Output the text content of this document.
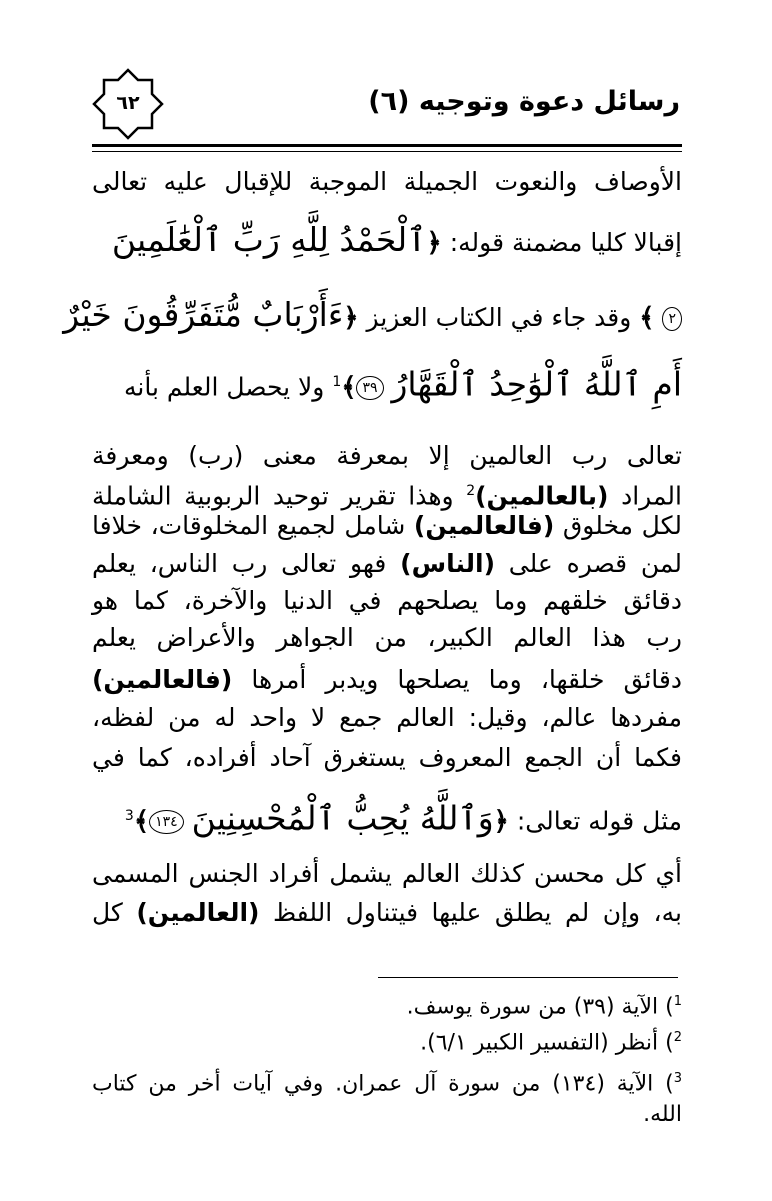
رسائل دعوة وتوجيه (٦)
٦٢
الأوصاف والنعوت الجميلة الموجبة للإقبال عليه تعالى
إقبالا كليا مضمنة قوله: ﴿ٱلْحَمْدُ لِلَّهِ رَبِّ ٱلْعَٰلَمِينَ
٢ ﴾ وقد جاء في الكتاب العزيز ﴿ءَأَرْبَابٌ مُّتَفَرِّقُونَ خَيْرٌ
أَمِ ٱللَّهُ ٱلْوَٰحِدُ ٱلْقَهَّارُ ٣٩﴾$^1$ ولا يحصل العلم بأنه
تعالى رب العالمين إلا بمعرفة معنى (رب) ومعرفة
المراد (بالعالمين)$^2$ وهذا تقرير توحيد الربوبية الشاملة
لكل مخلوق (فالعالمين) شامل لجميع المخلوقات، خلافا
لمن قصره على (الناس) فهو تعالى رب الناس، يعلم
دقائق خلقهم وما يصلحهم في الدنيا والآخرة، كما هو
رب هذا العالم الكبير، من الجواهر والأعراض يعلم
دقائق خلقها، وما يصلحها ويدبر أمرها (فالعالمين)
مفردها عالم، وقيل: العالم جمع لا واحد له من لفظه،
فكما أن الجمع المعروف يستغرق آحاد أفراده، كما في
مثل قوله تعالى: ﴿وَٱللَّهُ يُحِبُّ ٱلْمُحْسِنِينَ ١٣٤﴾$^3$
أي كل محسن كذلك العالم يشمل أفراد الجنس المسمى
به، وإن لم يطلق عليها فيتناول اللفظ (العالمين) كل
$^1$) الآية (٣٩) من سورة يوسف.
$^2$) أنظر (التفسير الكبير ٦/١).
$^3$) الآية (١٣٤) من سورة آل عمران. وفي آيات أخر من كتاب
الله.
